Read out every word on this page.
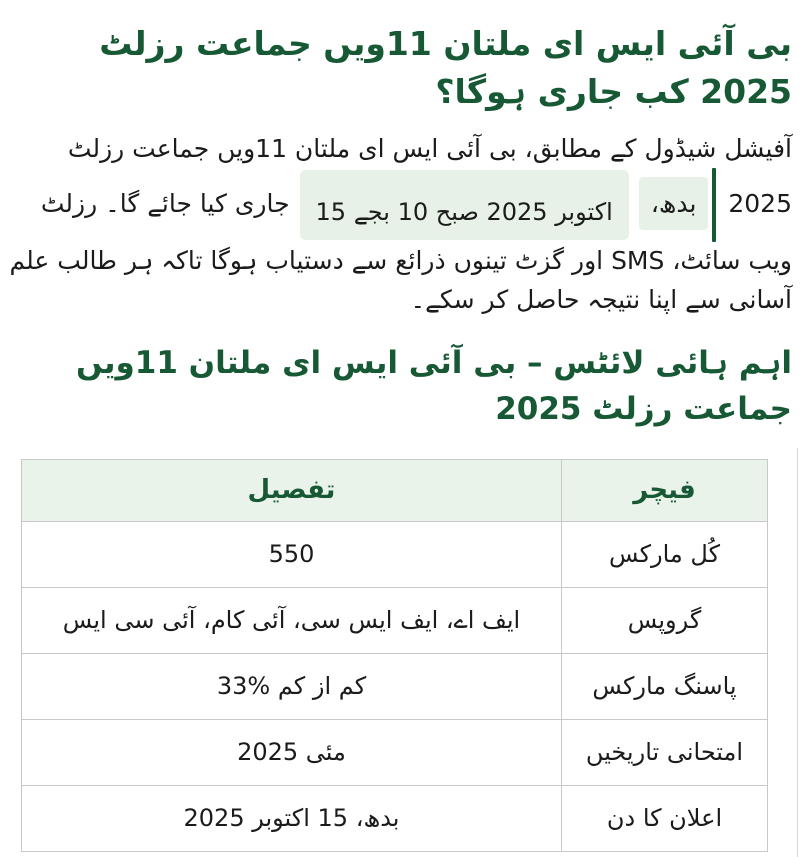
بی آئی ایس ای ملتان 11ویں جماعت رزلٹ 2025 کب جاری ہوگا؟

آفیشل شیڈول کے مطابق، بی آئی ایس ای ملتان 11ویں جماعت رزلٹ 2025 بدھ، 15 اکتوبر 2025 صبح 10 بجے جاری کیا جائے گا۔ رزلٹ ویب سائٹ، SMS اور گزٹ تینوں ذرائع سے دستیاب ہوگا تاکہ ہر طالب علم آسانی سے اپنا نتیجہ حاصل کر سکے۔

اہم ہائی لائٹس – بی آئی ایس ای ملتان 11ویں جماعت رزلٹ 2025
فیچر	تفصیل
کُل مارکس	550
گروپس	ایف اے، ایف ایس سی، آئی کام، آئی سی ایس
پاسنگ مارکس	کم از کم %33
امتحانی تاریخیں	مئی 2025
اعلان کا دن	بدھ، 15 اکتوبر 2025
